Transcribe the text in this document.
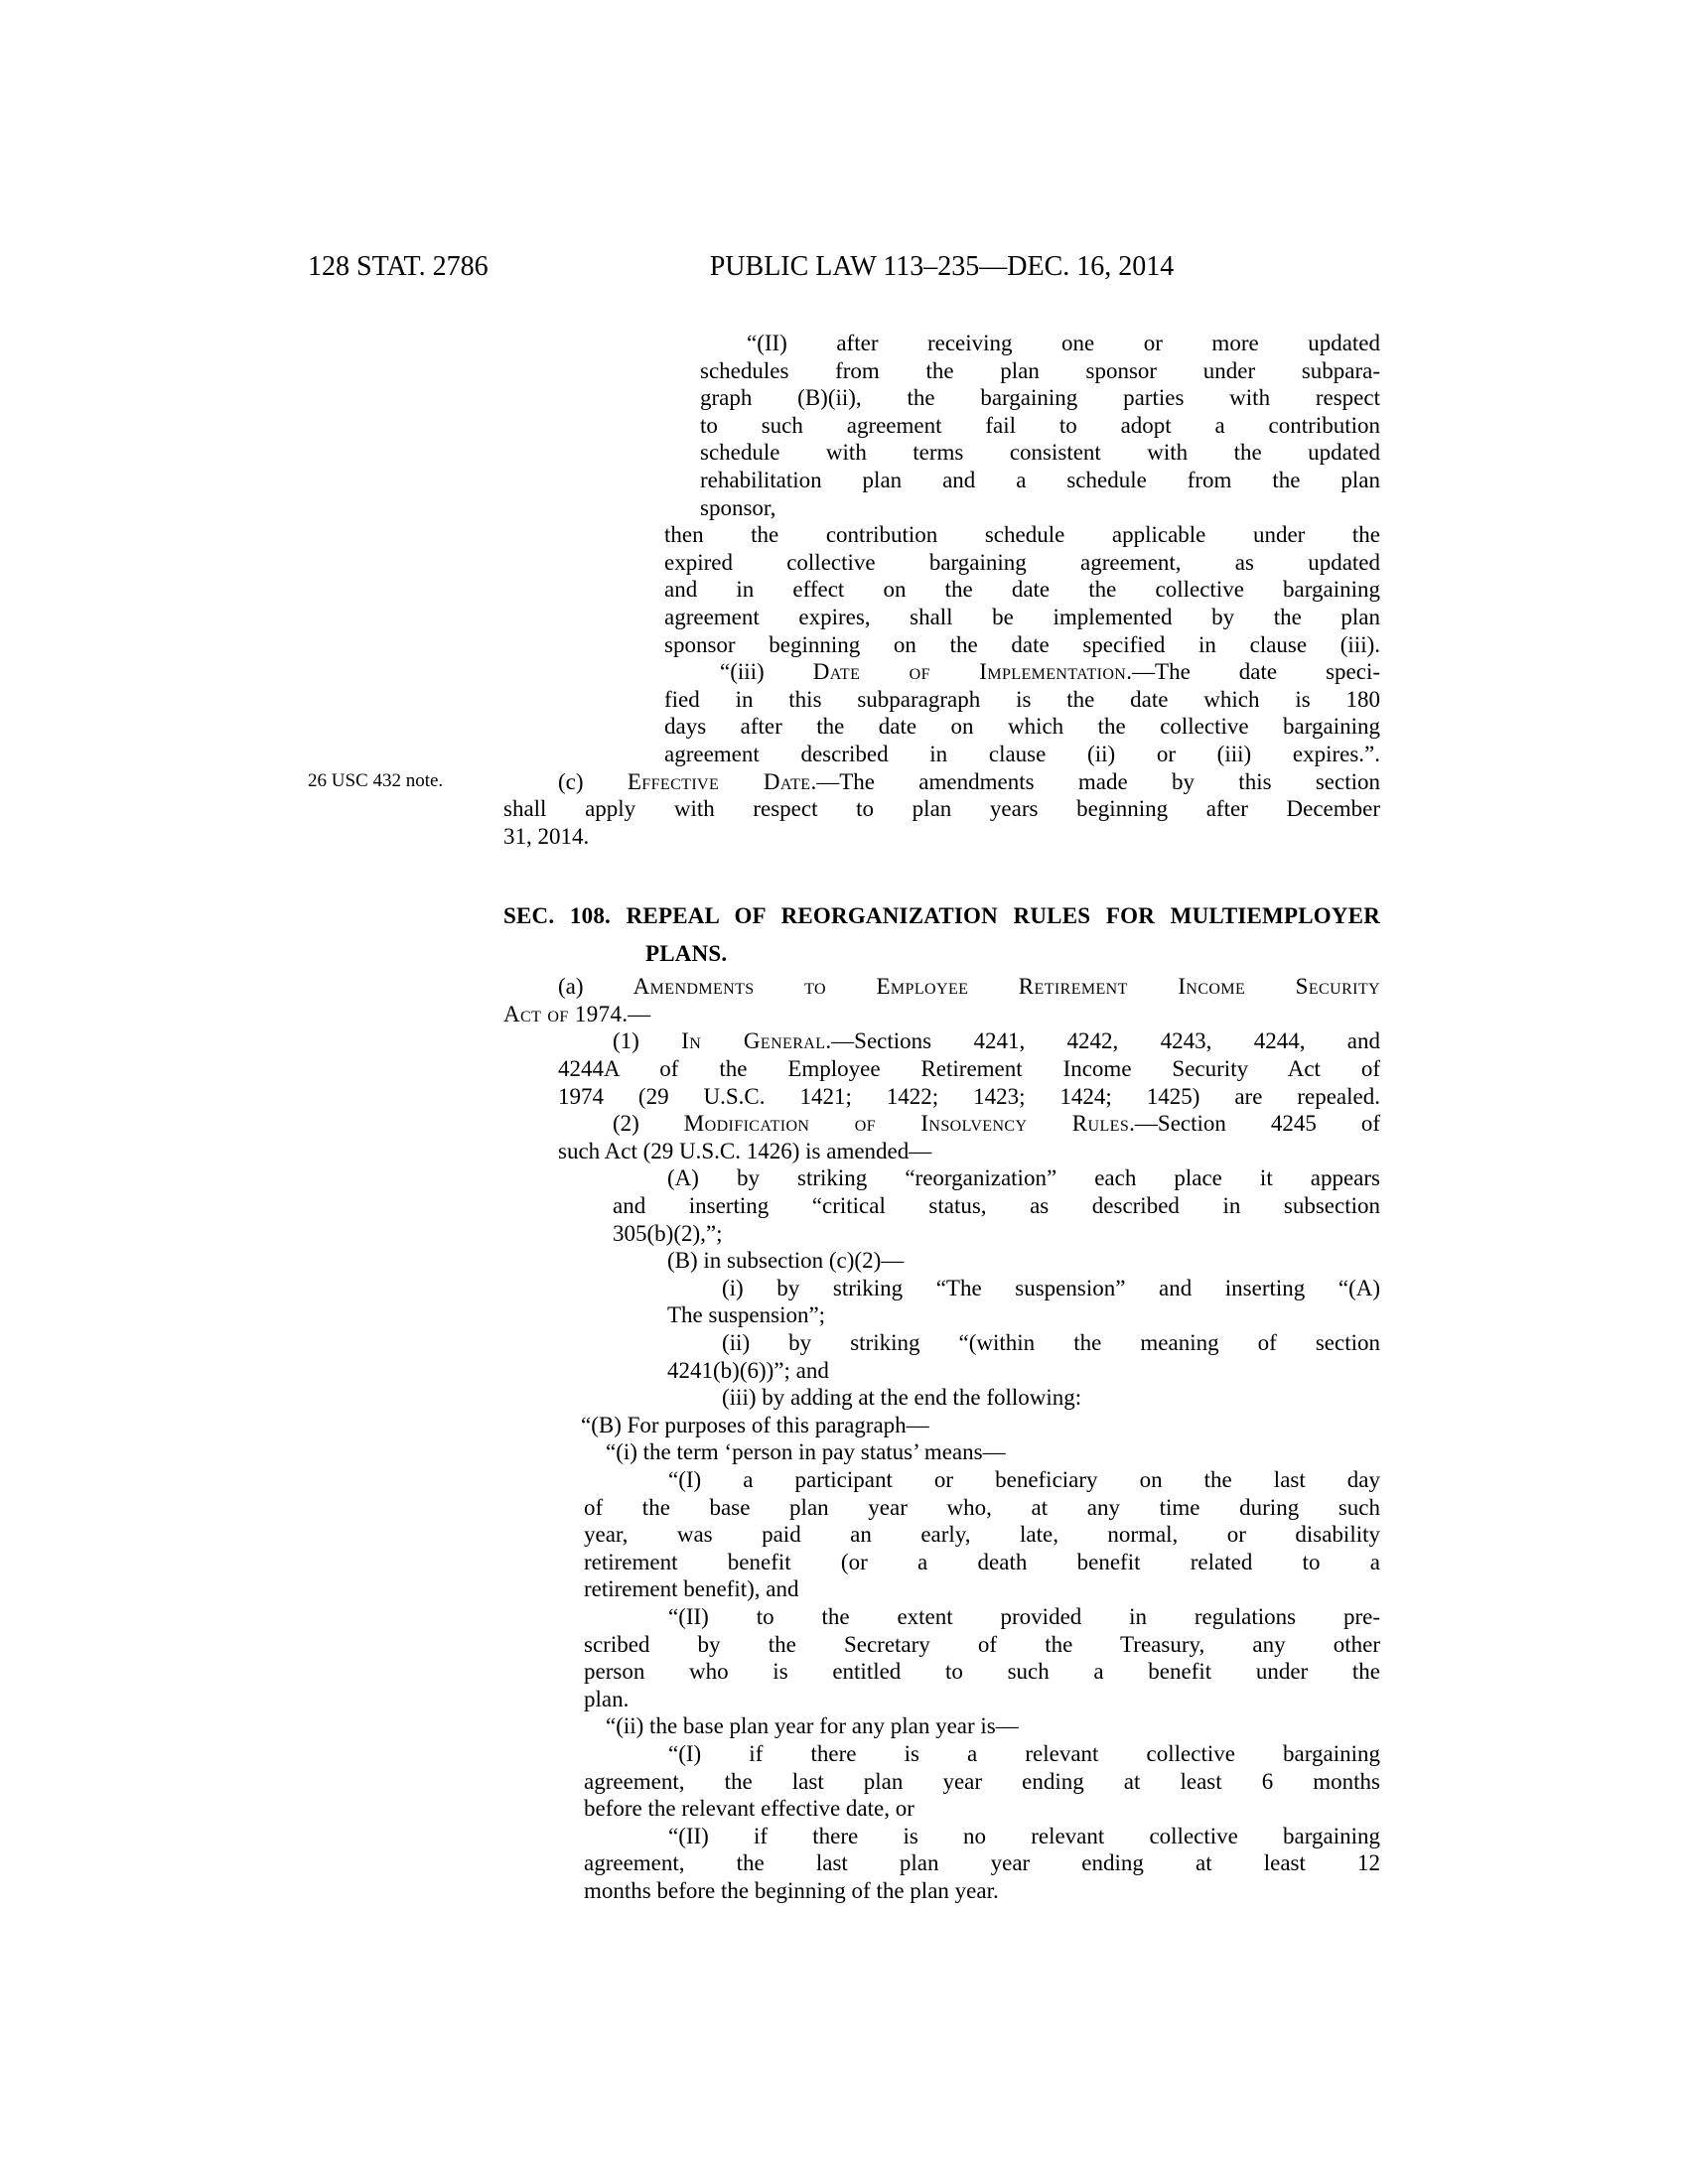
128 STAT. 2786	PUBLIC LAW 113–235—DEC. 16, 2014
26 USC 432 note.
“(II) after receiving one or more updated
schedules from the plan sponsor under subpara-
graph (B)(ii), the bargaining parties with respect
to such agreement fail to adopt a contribution
schedule with terms consistent with the updated
rehabilitation plan and a schedule from the plan
sponsor,
then the contribution schedule applicable under the
expired collective bargaining agreement, as updated
and in effect on the date the collective bargaining
agreement expires, shall be implemented by the plan
sponsor beginning on the date specified in clause (iii).
“(iii) Date of Implementation.—The date speci-
fied in this subparagraph is the date which is 180
days after the date on which the collective bargaining
agreement described in clause (ii) or (iii) expires.”.
(c) Effective Date.—The amendments made by this section
shall apply with respect to plan years beginning after December
31, 2014.
SEC. 108. REPEAL OF REORGANIZATION RULES FOR MULTIEMPLOYER
PLANS.
(a) Amendments to Employee Retirement Income Security
Act of 1974.—
(1) In General.—Sections 4241, 4242, 4243, 4244, and
4244A of the Employee Retirement Income Security Act of
1974 (29 U.S.C. 1421; 1422; 1423; 1424; 1425) are repealed.
(2) Modification of Insolvency Rules.—Section 4245 of
such Act (29 U.S.C. 1426) is amended—
(A) by striking “reorganization” each place it appears
and inserting “critical status, as described in subsection
305(b)(2),”;
(B) in subsection (c)(2)—
(i) by striking “The suspension” and inserting “(A)
The suspension”;
(ii) by striking “(within the meaning of section
4241(b)(6))”; and
(iii) by adding at the end the following:
“(B) For purposes of this paragraph—
“(i) the term ‘person in pay status’ means—
“(I) a participant or beneficiary on the last day
of the base plan year who, at any time during such
year, was paid an early, late, normal, or disability
retirement benefit (or a death benefit related to a
retirement benefit), and
“(II) to the extent provided in regulations pre-
scribed by the Secretary of the Treasury, any other
person who is entitled to such a benefit under the
plan.
“(ii) the base plan year for any plan year is—
“(I) if there is a relevant collective bargaining
agreement, the last plan year ending at least 6 months
before the relevant effective date, or
“(II) if there is no relevant collective bargaining
agreement, the last plan year ending at least 12
months before the beginning of the plan year.
